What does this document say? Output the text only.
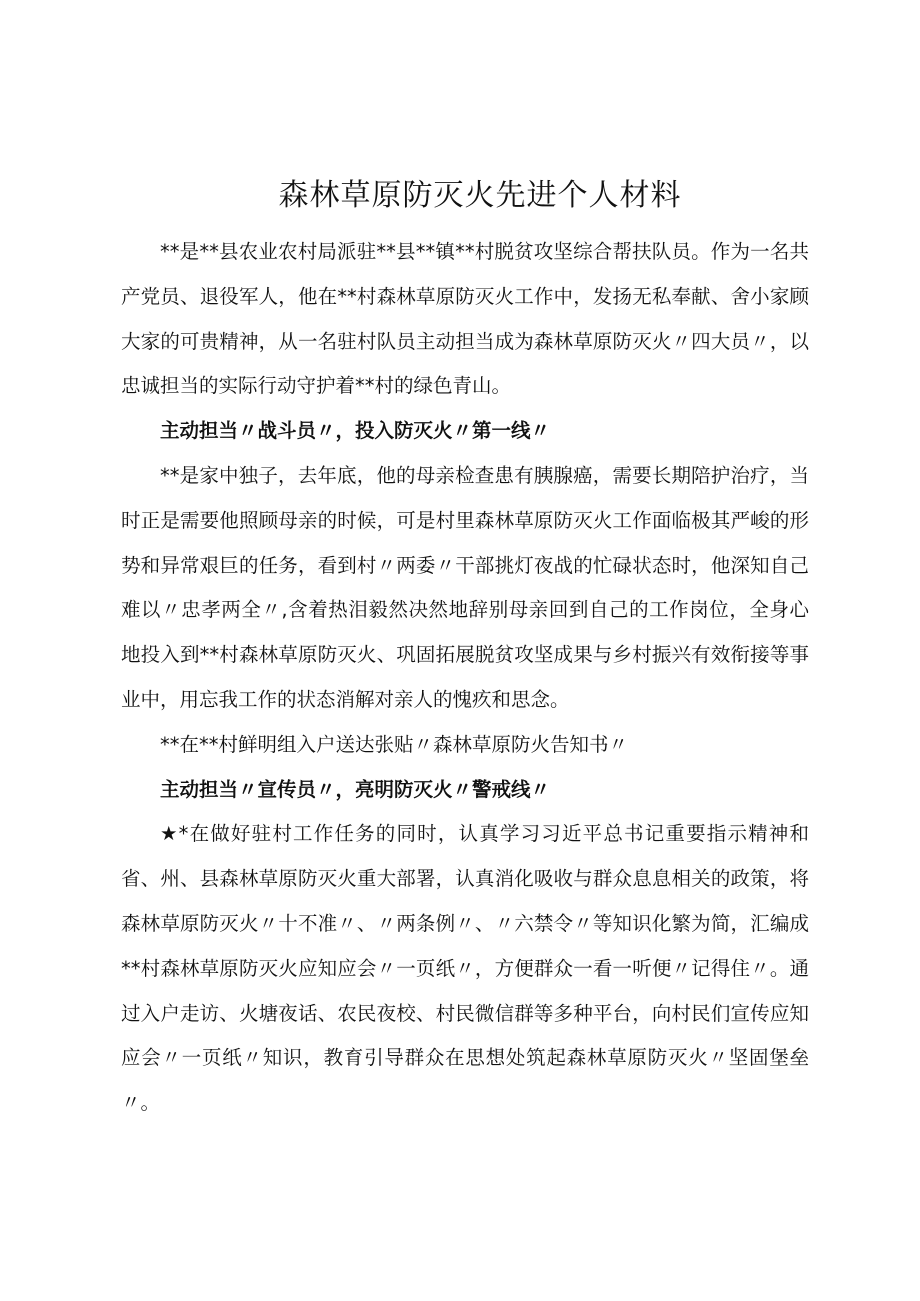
森林草原防灭火先进个人材料

**是**县农业农村局派驻**县**镇**村脱贫攻坚综合帮扶队员。作为一名共产党员、退役军人，他在**村森林草原防灭火工作中，发扬无私奉献、舍小家顾大家的可贵精神，从一名驻村队员主动担当成为森林草原防灭火〃四大员〃，以忠诚担当的实际行动守护着**村的绿色青山。

主动担当〃战斗员〃，投入防灭火〃第一线〃

**是家中独子，去年底，他的母亲检查患有胰腺癌，需要长期陪护治疗，当时正是需要他照顾母亲的时候，可是村里森林草原防灭火工作面临极其严峻的形势和异常艰巨的任务，看到村〃两委〃干部挑灯夜战的忙碌状态时，他深知自己难以〃忠孝两全〃,含着热泪毅然决然地辞别母亲回到自己的工作岗位，全身心地投入到**村森林草原防灭火、巩固拓展脱贫攻坚成果与乡村振兴有效衔接等事业中，用忘我工作的状态消解对亲人的愧疚和思念。

**在**村鲜明组入户送达张贴〃森林草原防火告知书〃

主动担当〃宣传员〃，亮明防灭火〃警戒线〃

★*在做好驻村工作任务的同时，认真学习习近平总书记重要指示精神和省、州、县森林草原防灭火重大部署，认真消化吸收与群众息息相关的政策，将森林草原防灭火〃十不准〃、〃两条例〃、〃六禁令〃等知识化繁为简，汇编成**村森林草原防灭火应知应会〃一页纸〃，方便群众一看一听便〃记得住〃。通过入户走访、火塘夜话、农民夜校、村民微信群等多种平台，向村民们宣传应知应会〃一页纸〃知识，教育引导群众在思想处筑起森林草原防灭火〃坚固堡垒〃。
